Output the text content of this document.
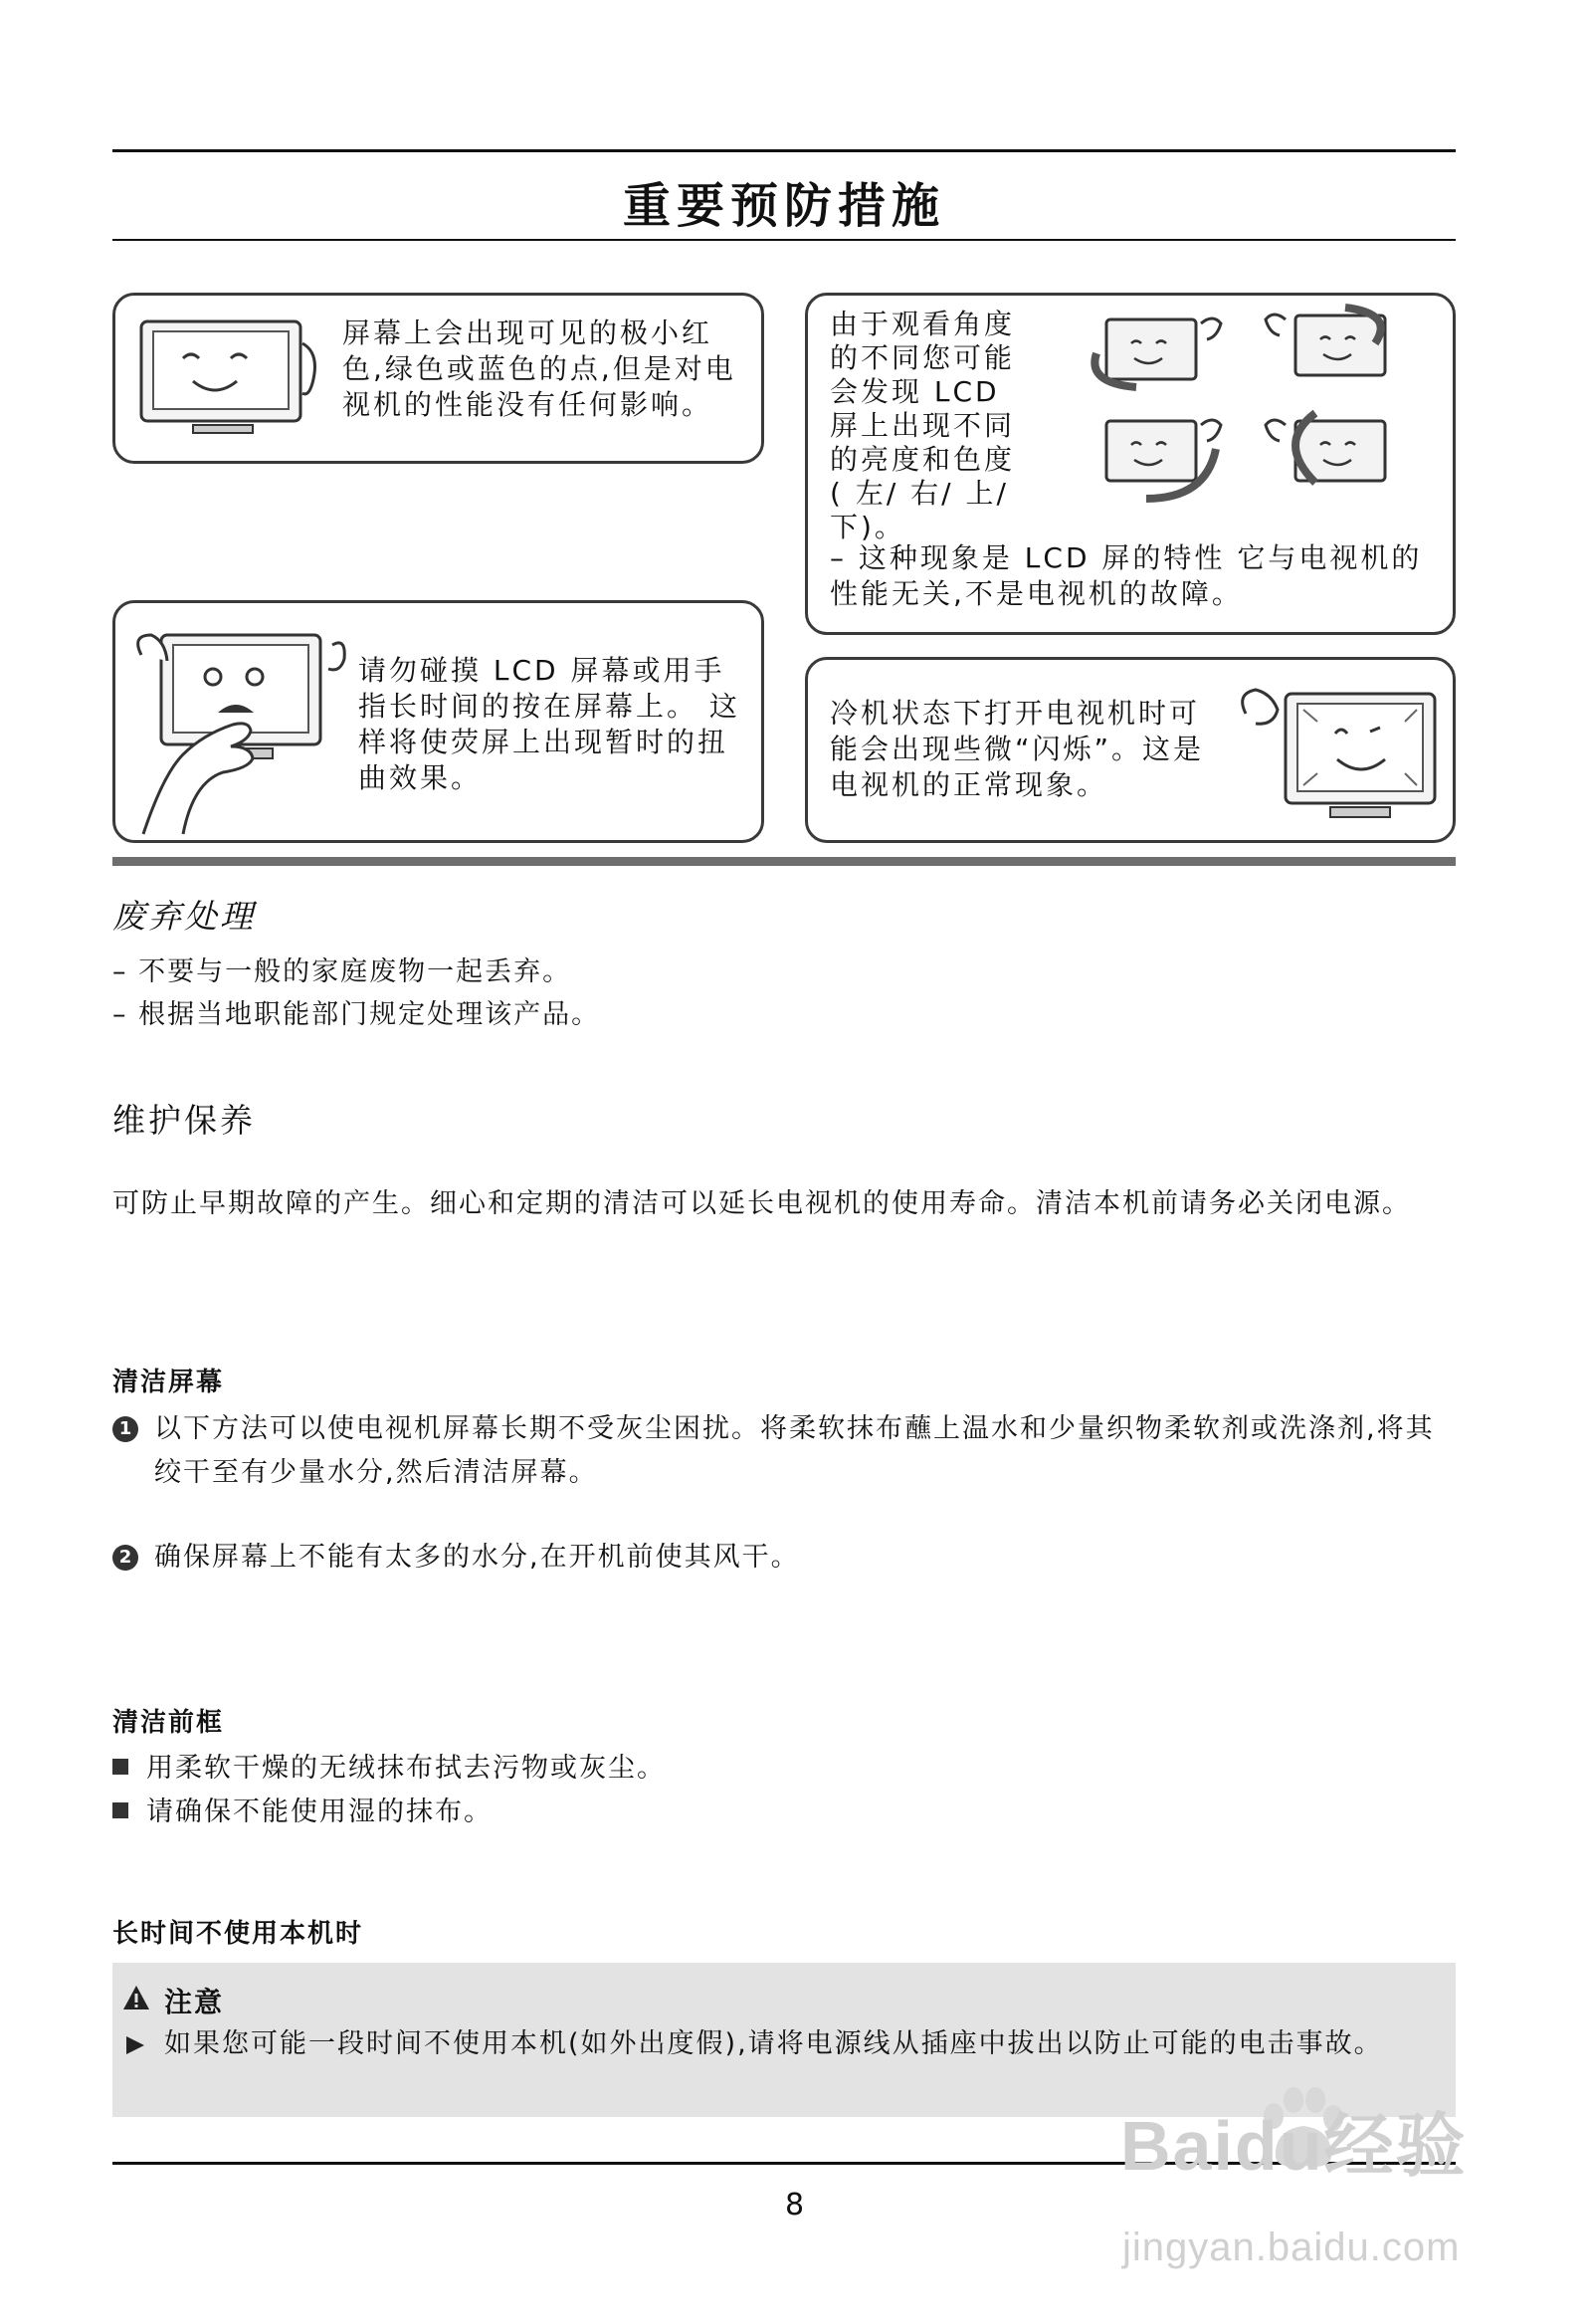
重要预防措施

屏幕上会出现可见的极小红色,绿色或蓝色的点,但是对电视机的性能没有任何影响。

由于观看角度

的不同您可能

会发现 LCD

屏上出现不同

的亮度和色度

( 左/ 右/ 上/

下)。

– 这种现象是 LCD 屏的特性 它与电视机的性能无关,不是电视机的故障。

请勿碰摸 LCD 屏幕或用手指长时间的按在屏幕上。 这样将使荧屏上出现暂时的扭曲效果。

冷机状态下打开电视机时可能会出现些微“闪烁”。这是电视机的正常现象。

废弃处理

– 不要与一般的家庭废物一起丢弃。

– 根据当地职能部门规定处理该产品。

维护保养

可防止早期故障的产生。细心和定期的清洁可以延长电视机的使用寿命。清洁本机前请务必关闭电源。

清洁屏幕
1 以下方法可以使电视机屏幕长期不受灰尘困扰。将柔软抹布蘸上温水和少量织物柔软剂或洗涤剂,将其绞干至有少量水分,然后清洁屏幕。

2 确保屏幕上不能有太多的水分,在开机前使其风干。

清洁前框
用柔软干燥的无绒抹布拭去污物或灰尘。
请确保不能使用湿的抹布。
长时间不使用本机时
注意

如果您可能一段时间不使用本机(如外出度假),请将电源线从插座中拔出以防止可能的电击事故。

8
Baidu经验
jingyan.baidu.com
